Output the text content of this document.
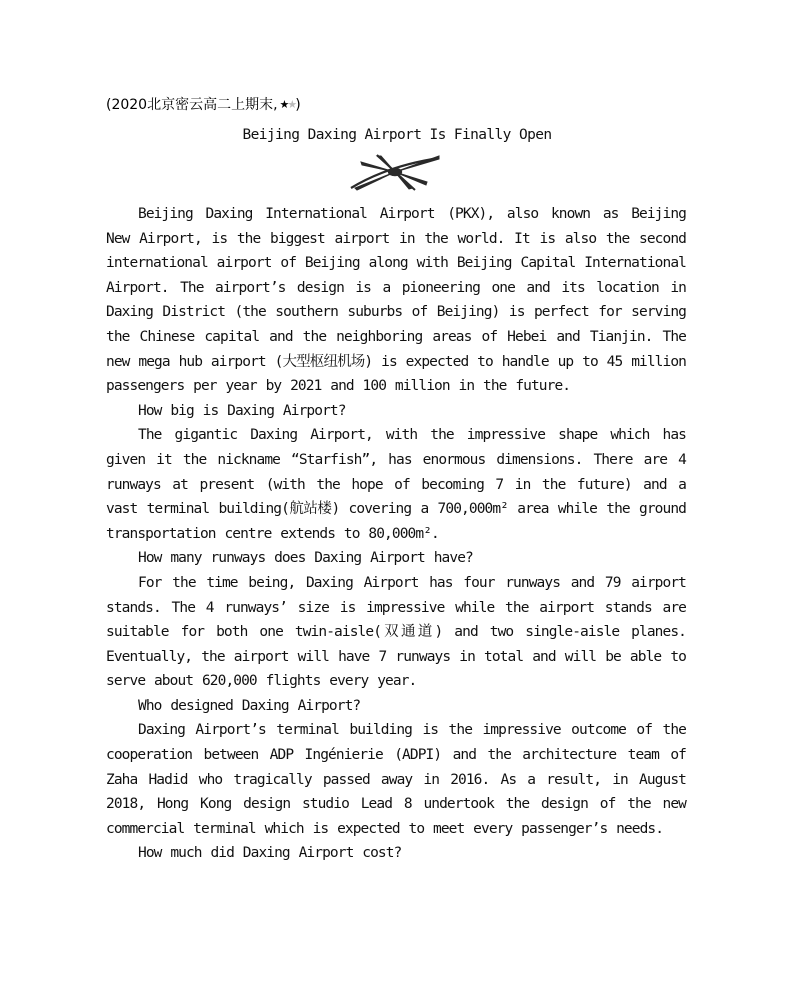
(2020北京密云高二上期末, ★★)
Beijing Daxing Airport Is Finally Open

Beijing Daxing International Airport (PKX), also known as Beijing New Airport, is the biggest airport in the world. It is also the second international airport of Beijing along with Beijing Capital International Airport. The airport’s design is a pioneering one and its location in Daxing District (the southern suburbs of Beijing) is perfect for serving the Chinese capital and the neighboring areas of Hebei and Tianjin. The new mega hub airport (大型枢纽机场) is expected to handle up to 45 million passengers per year by 2021 and 100 million in the future.

How big is Daxing Airport?

The gigantic Daxing Airport, with the impressive shape which has given it the nickname “Starfish”, has enormous dimensions. There are 4 runways at present (with the hope of becoming 7 in the future) and a vast terminal building(航站楼) covering a 700,000m² area while the ground transportation centre extends to 80,000m².

How many runways does Daxing Airport have?

For the time being, Daxing Airport has four runways and 79 airport stands. The 4 runways’ size is impressive while the airport stands are suitable for both one twin-aisle(双通道) and two single-aisle planes. Eventually, the airport will have 7 runways in total and will be able to serve about 620,000 flights every year.

Who designed Daxing Airport?

Daxing Airport’s terminal building is the impressive outcome of the cooperation between ADP Ingénierie (ADPI) and the architecture team of Zaha Hadid who tragically passed away in 2016. As a result, in August 2018, Hong Kong design studio Lead 8 undertook the design of the new commercial terminal which is expected to meet every passenger’s needs.

How much did Daxing Airport cost?
